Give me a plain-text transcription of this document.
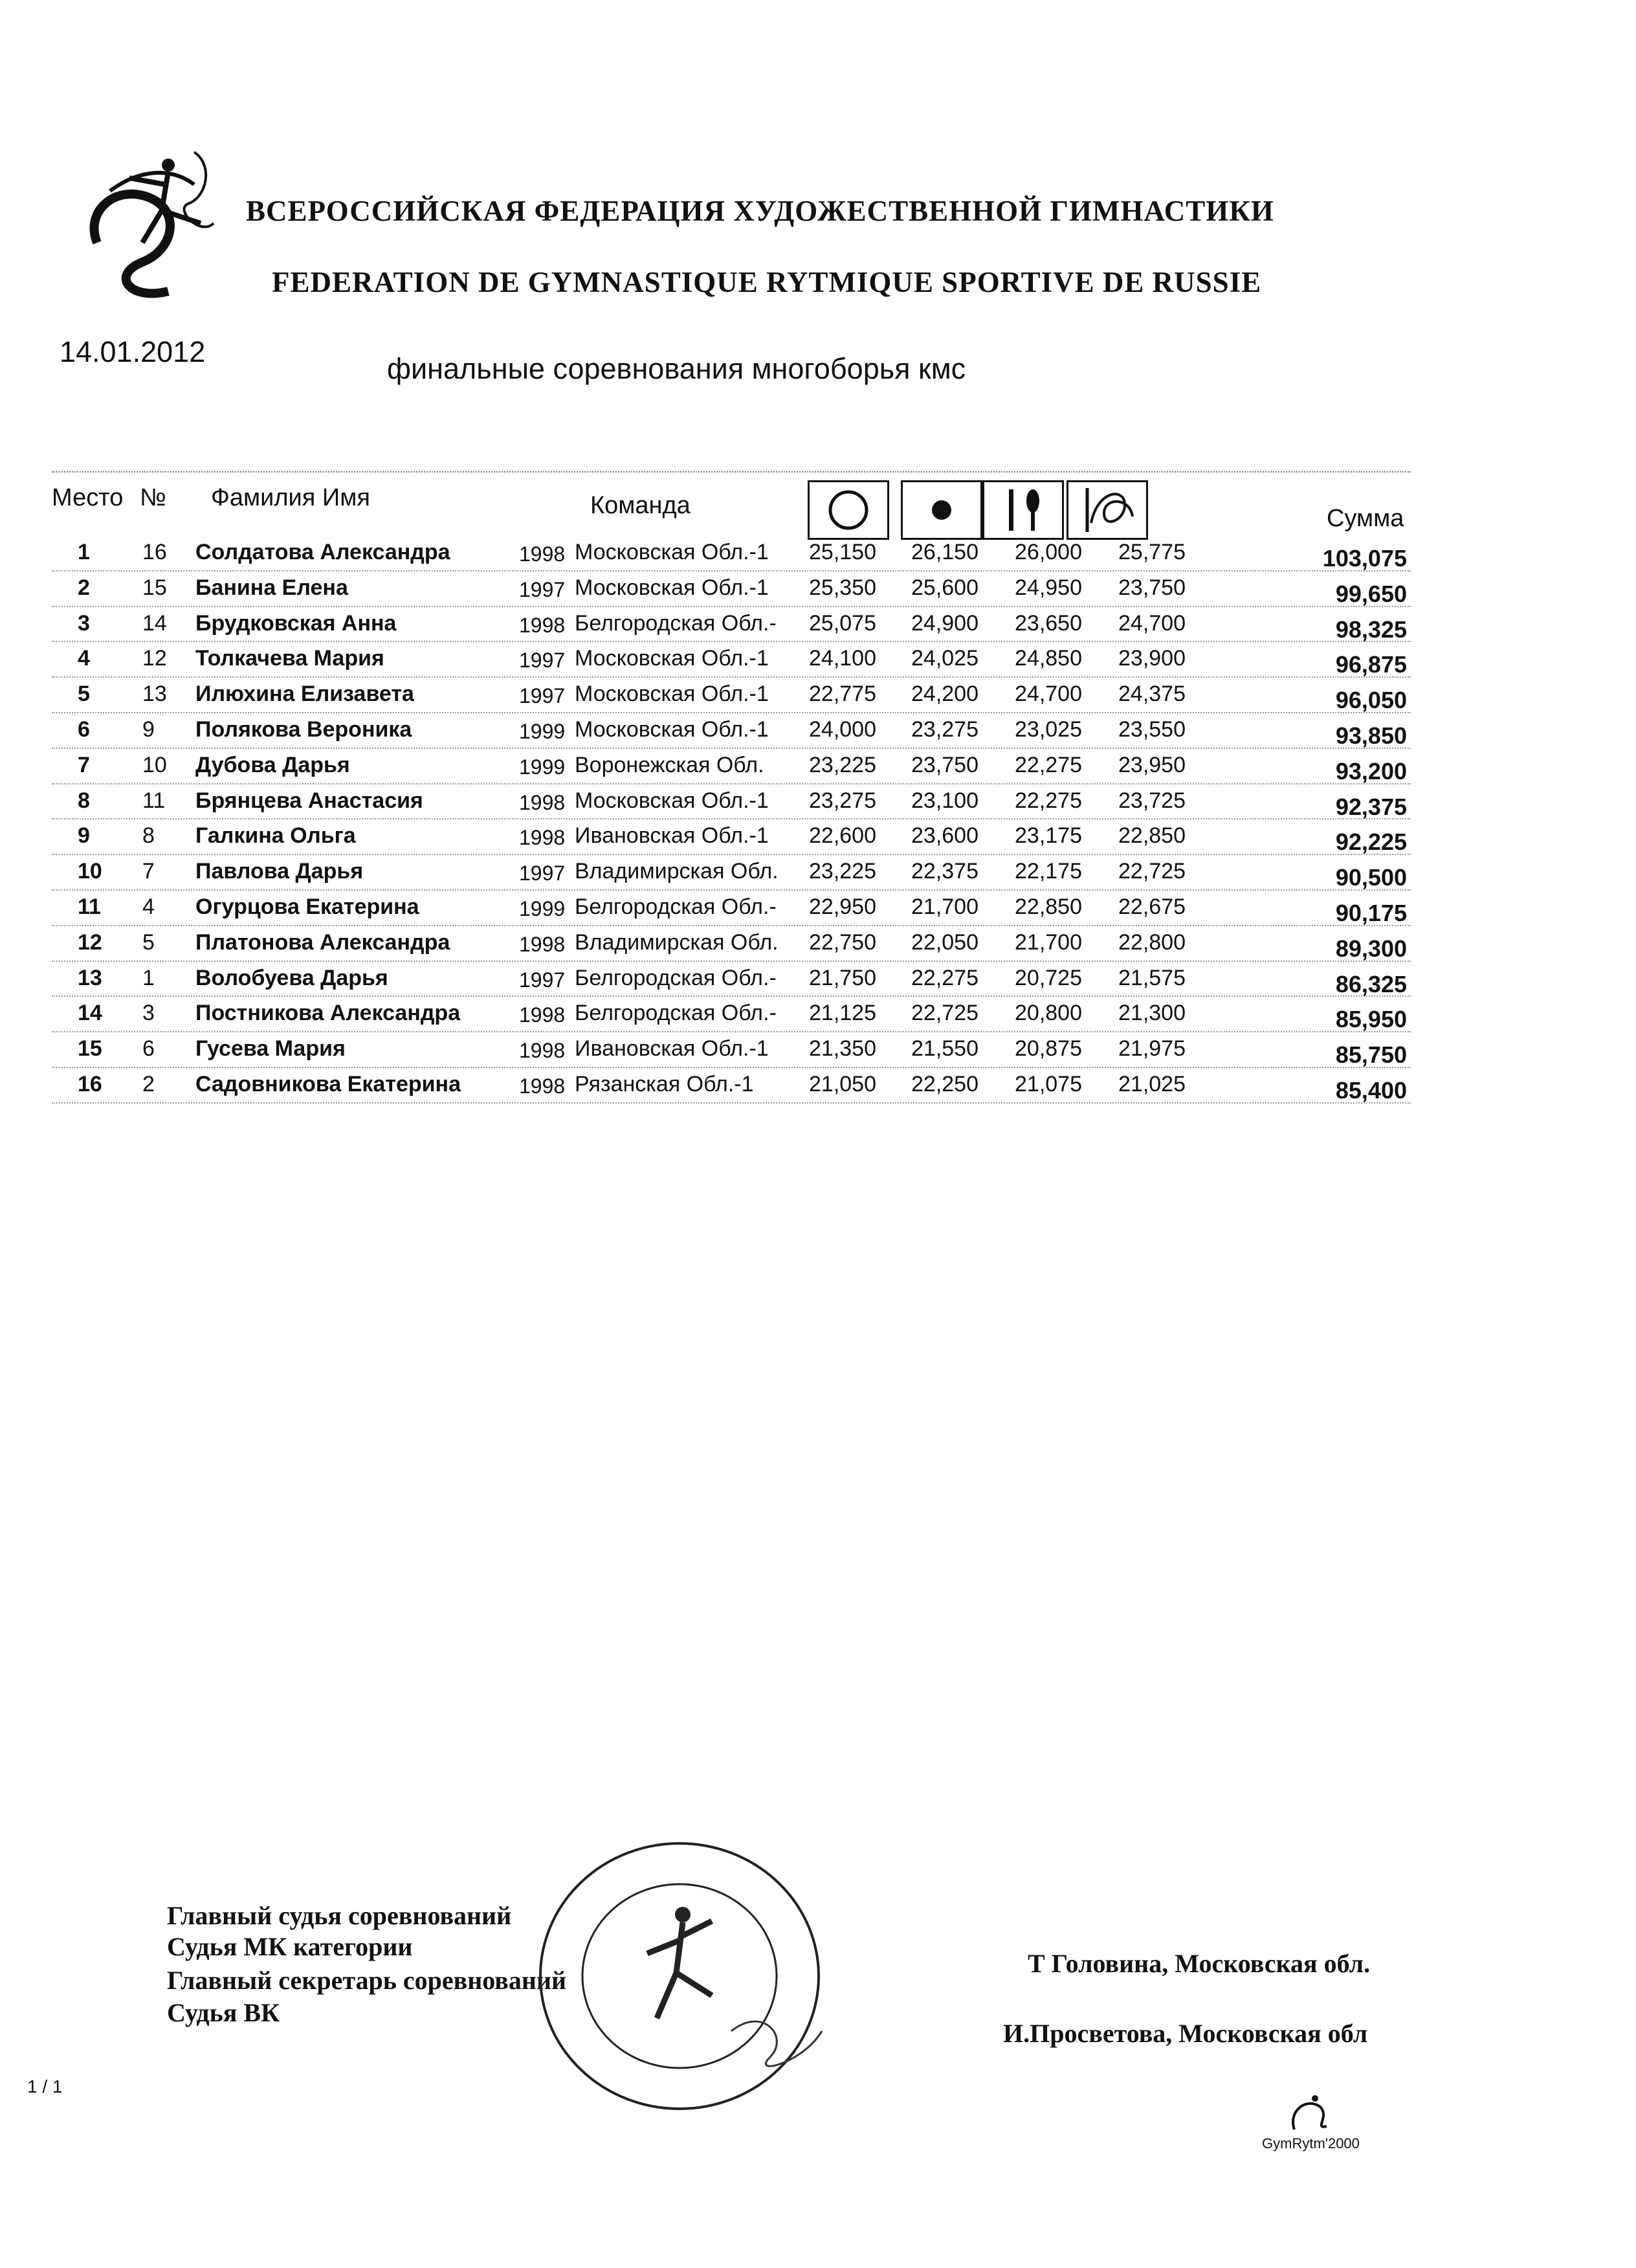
ВСЕРОССИЙСКАЯ ФЕДЕРАЦИЯ ХУДОЖЕСТВЕННОЙ ГИМНАСТИКИ
FEDERATION DE GYMNASTIQUE RYTMIQUE SPORTIVE DE RUSSIE
14.01.2012
финальные соревнования многоборья кмс
Место № Фамилия Имя	Команда	Сумма
1 16 Солдатова Александра	1998 Московская Обл.-1 25,150 26,150 26,000 25,775	103,075
2 15 Банина Елена	1997 Московская Обл.-1 25,350 25,600 24,950 23,750	99,650
3 14 Брудковская Анна	1998 Белгородская Обл.- 25,075 24,900 23,650 24,700	98,325
4 12 Толкачева Мария	1997 Московская Обл.-1 24,100 24,025 24,850 23,900	96,875
5 13 Илюхина Елизавета	1997 Московская Обл.-1 22,775 24,200 24,700 24,375	96,050
6 9 Полякова Вероника	1999 Московская Обл.-1 24,000 23,275 23,025 23,550	93,850
7 10 Дубова Дарья	1999 Воронежская Обл. 23,225 23,750 22,275 23,950	93,200
8 11 Брянцева Анастасия	1998 Московская Обл.-1 23,275 23,100 22,275 23,725	92,375
9 8 Галкина Ольга	1998 Ивановская Обл.-1 22,600 23,600 23,175 22,850	92,225
10 7 Павлова Дарья	1997 Владимирская Обл. 23,225 22,375 22,175 22,725	90,500
11 4 Огурцова Екатерина	1999 Белгородская Обл.- 22,950 21,700 22,850 22,675	90,175
12 5 Платонова Александра	1998 Владимирская Обл. 22,750 22,050 21,700 22,800	89,300
13 1 Волобуева Дарья	1997 Белгородская Обл.- 21,750 22,275 20,725 21,575	86,325
14 3 Постникова Александра	1998 Белгородская Обл.- 21,125 22,725 20,800 21,300	85,950
15 6 Гусева Мария	1998 Ивановская Обл.-1 21,350 21,550 20,875 21,975	85,750
16 2 Садовникова Екатерина	1998 Рязанская Обл.-1	21,050 22,250 21,075 21,025	85,400
Главный судья соревнований
Судья МК категории
Главный секретарь соревнований
Судья ВК
Т Головина, Московская обл.
И.Просветова, Московская обл
1 / 1
GymRytm'2000
